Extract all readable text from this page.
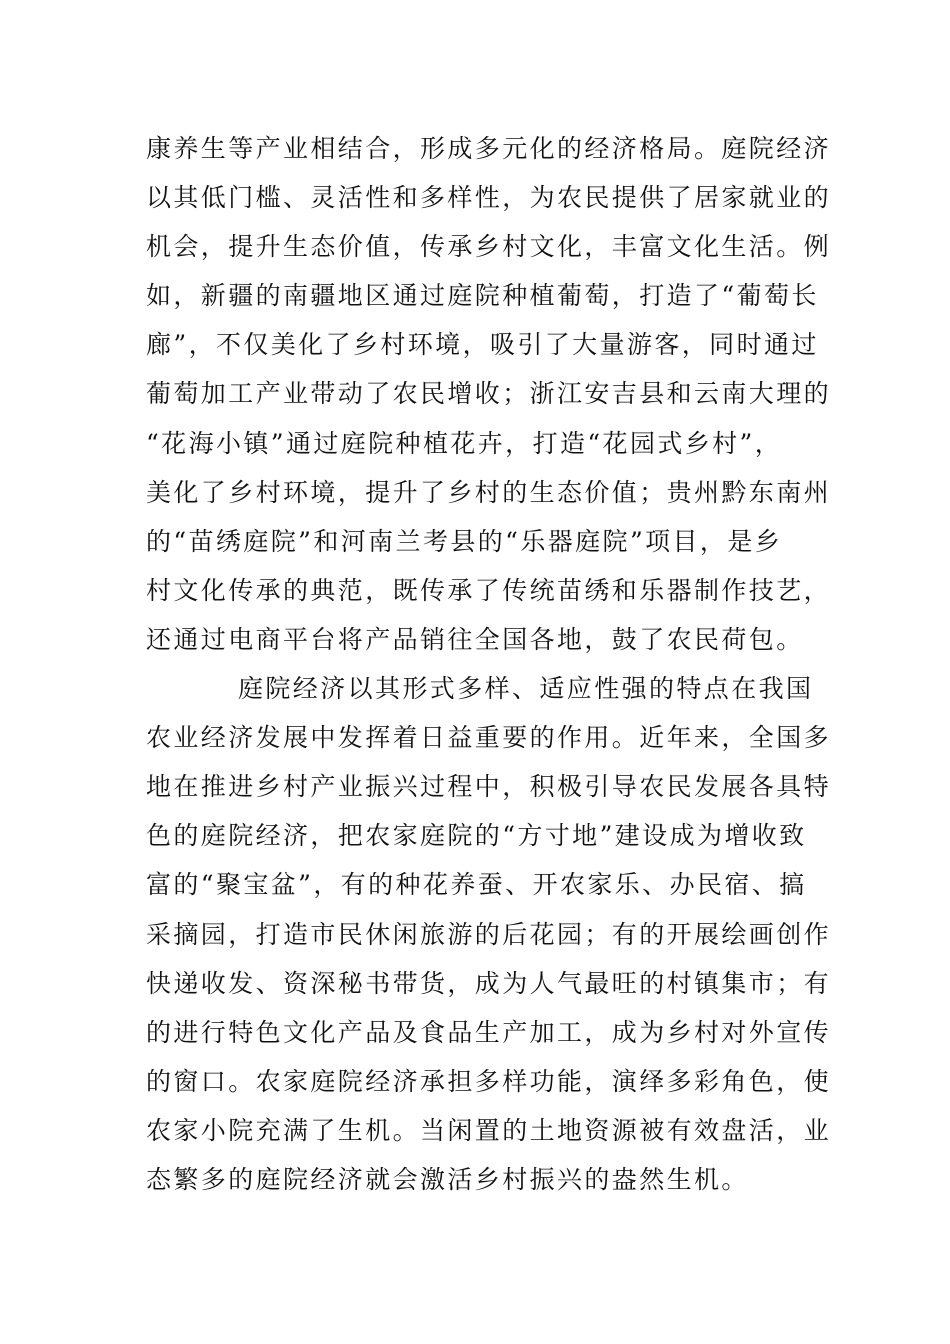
康养生等产业相结合，形成多元化的经济格局。庭院经济
以其低门槛、灵活性和多样性，为农民提供了居家就业的
机会，提升生态价值，传承乡村文化，丰富文化生活。例
如，新疆的南疆地区通过庭院种植葡萄，打造了“葡萄长
廊”，不仅美化了乡村环境，吸引了大量游客，同时通过
葡萄加工产业带动了农民增收；浙江安吉县和云南大理的
“花海小镇”通过庭院种植花卉，打造“花园式乡村”，
美化了乡村环境，提升了乡村的生态价值；贵州黔东南州
的“苗绣庭院”和河南兰考县的“乐器庭院”项目，是乡
村文化传承的典范，既传承了传统苗绣和乐器制作技艺，
还通过电商平台将产品销往全国各地，鼓了农民荷包。
庭院经济以其形式多样、适应性强的特点在我国
农业经济发展中发挥着日益重要的作用。近年来，全国多
地在推进乡村产业振兴过程中，积极引导农民发展各具特
色的庭院经济，把农家庭院的“方寸地”建设成为增收致
富的“聚宝盆”，有的种花养蚕、开农家乐、办民宿、搞
采摘园，打造市民休闲旅游的后花园；有的开展绘画创作
快递收发、资深秘书带货，成为人气最旺的村镇集市；有
的进行特色文化产品及食品生产加工，成为乡村对外宣传
的窗口。农家庭院经济承担多样功能，演绎多彩角色，使
农家小院充满了生机。当闲置的土地资源被有效盘活，业
态繁多的庭院经济就会激活乡村振兴的盎然生机。
